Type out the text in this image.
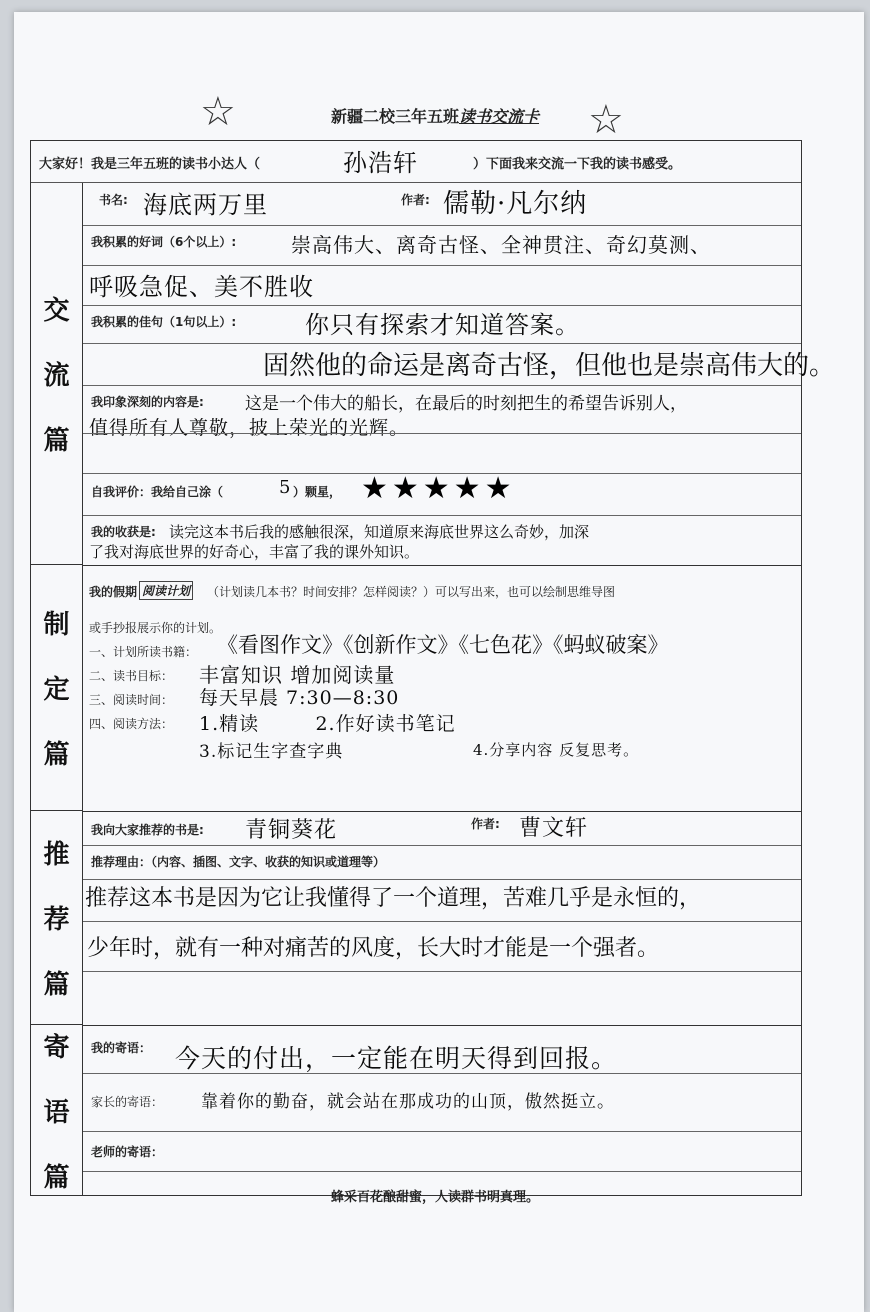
☆	☆
新疆二校三年五班读书交流卡
大家好！我是三年五班的读书小达人（	孙浩轩	）下面我来交流一下我的读书感受。
交
流
篇
制
定
篇
推
荐
篇
寄
语
篇
书名: 海底两万里	作者: 儒勒·凡尔纳
我积累的好词（6个以上）:	崇高伟大、离奇古怪、全神贯注、奇幻莫测、
呼吸急促、美不胜收
我积累的佳句（1句以上）:	你只有探索才知道答案。
固然他的命运是离奇古怪，但他也是崇高伟大的。
我印象深刻的内容是: 这是一个伟大的船长，在最后的时刻把生的希望告诉别人，
值得所有人尊敬，披上荣光的光辉。
自我评价：我给自己涂（	5 ）颗星， ★★★★★
我的收获是: 读完这本书后我的感触很深，知道原来海底世界这么奇妙，加深
了我对海底世界的好奇心，丰富了我的课外知识。
我的假期 阅读计划 （计划读几本书？时间安排？怎样阅读？）可以写出来，也可以绘制思维导图
或手抄报展示你的计划。
一、计划所读书籍： 《看图作文》《创新作文》《七色花》《蚂蚁破案》
二、读书目标： 丰富知识 增加阅读量
三、阅读时间： 每天早晨 7:30—8:30
四、阅读方法： 1.精读        2.作好读书笔记
3.标记生字查字典	4.分享内容 反复思考。
我向大家推荐的书是: 青铜葵花	作者: 曹文轩
推荐理由：（内容、插图、文字、收获的知识或道理等）
推荐这本书是因为它让我懂得了一个道理，苦难几乎是永恒的，
少年时，就有一种对痛苦的风度，长大时才能是一个强者。
我的寄语： 今天的付出，一定能在明天得到回报。
家长的寄语： 靠着你的勤奋，就会站在那成功的山顶，傲然挺立。
老师的寄语：
蜂采百花酿甜蜜，人读群书明真理。
